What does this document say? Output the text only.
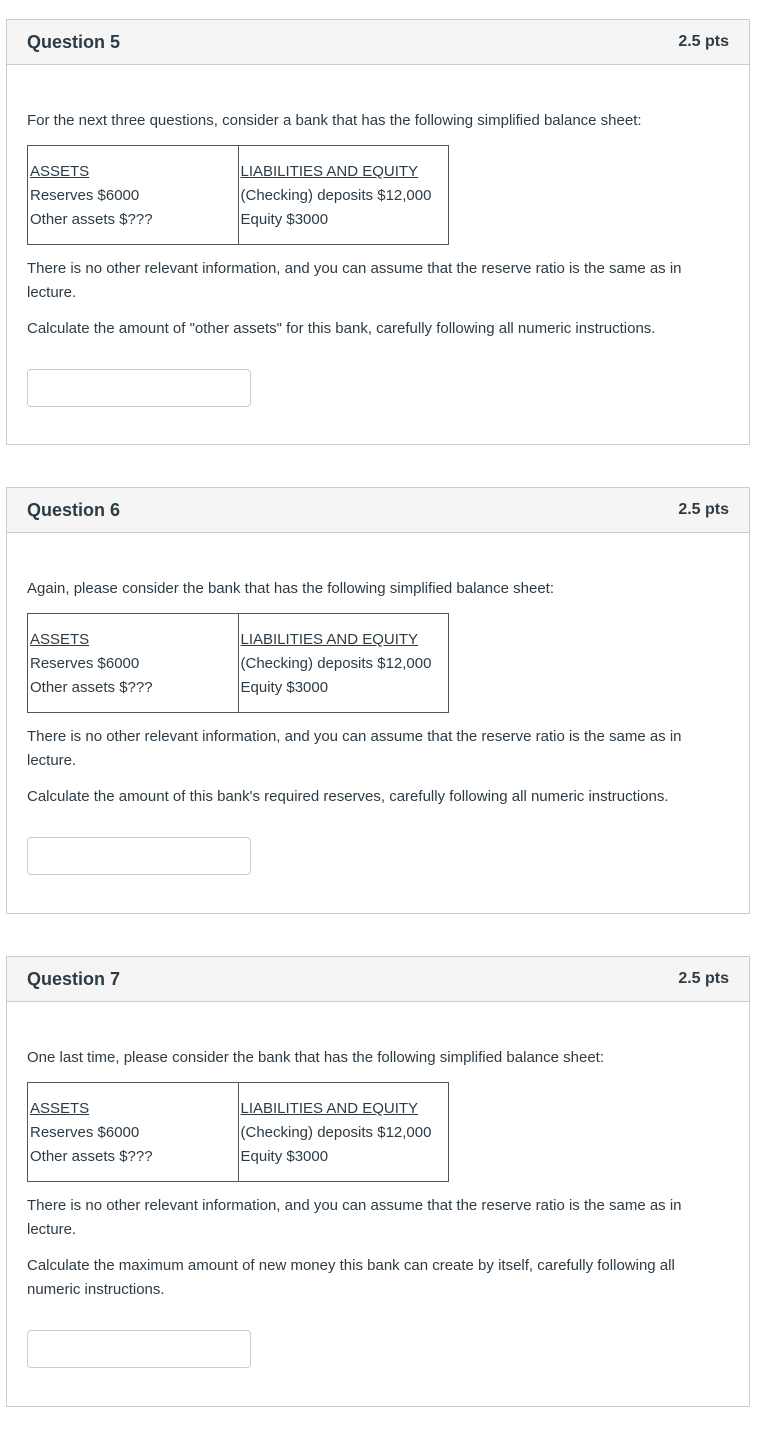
Question 5	2.5 pts

For the next three questions, consider a bank that has the following simplified balance sheet:

ASSETS
Reserves $6000
Other assets $???

LIABILITIES AND EQUITY
(Checking) deposits $12,000
Equity $3000

There is no other relevant information, and you can assume that the reserve ratio is the same as in lecture.

Calculate the amount of "other assets" for this bank, carefully following all numeric instructions.

Question 6	2.5 pts

Again, please consider the bank that has the following simplified balance sheet:

ASSETS
Reserves $6000
Other assets $???

LIABILITIES AND EQUITY
(Checking) deposits $12,000
Equity $3000

There is no other relevant information, and you can assume that the reserve ratio is the same as in lecture.

Calculate the amount of this bank's required reserves, carefully following all numeric instructions.

Question 7	2.5 pts

One last time, please consider the bank that has the following simplified balance sheet:

ASSETS
Reserves $6000
Other assets $???

LIABILITIES AND EQUITY
(Checking) deposits $12,000
Equity $3000

There is no other relevant information, and you can assume that the reserve ratio is the same as in lecture.

Calculate the maximum amount of new money this bank can create by itself, carefully following all numeric instructions.
